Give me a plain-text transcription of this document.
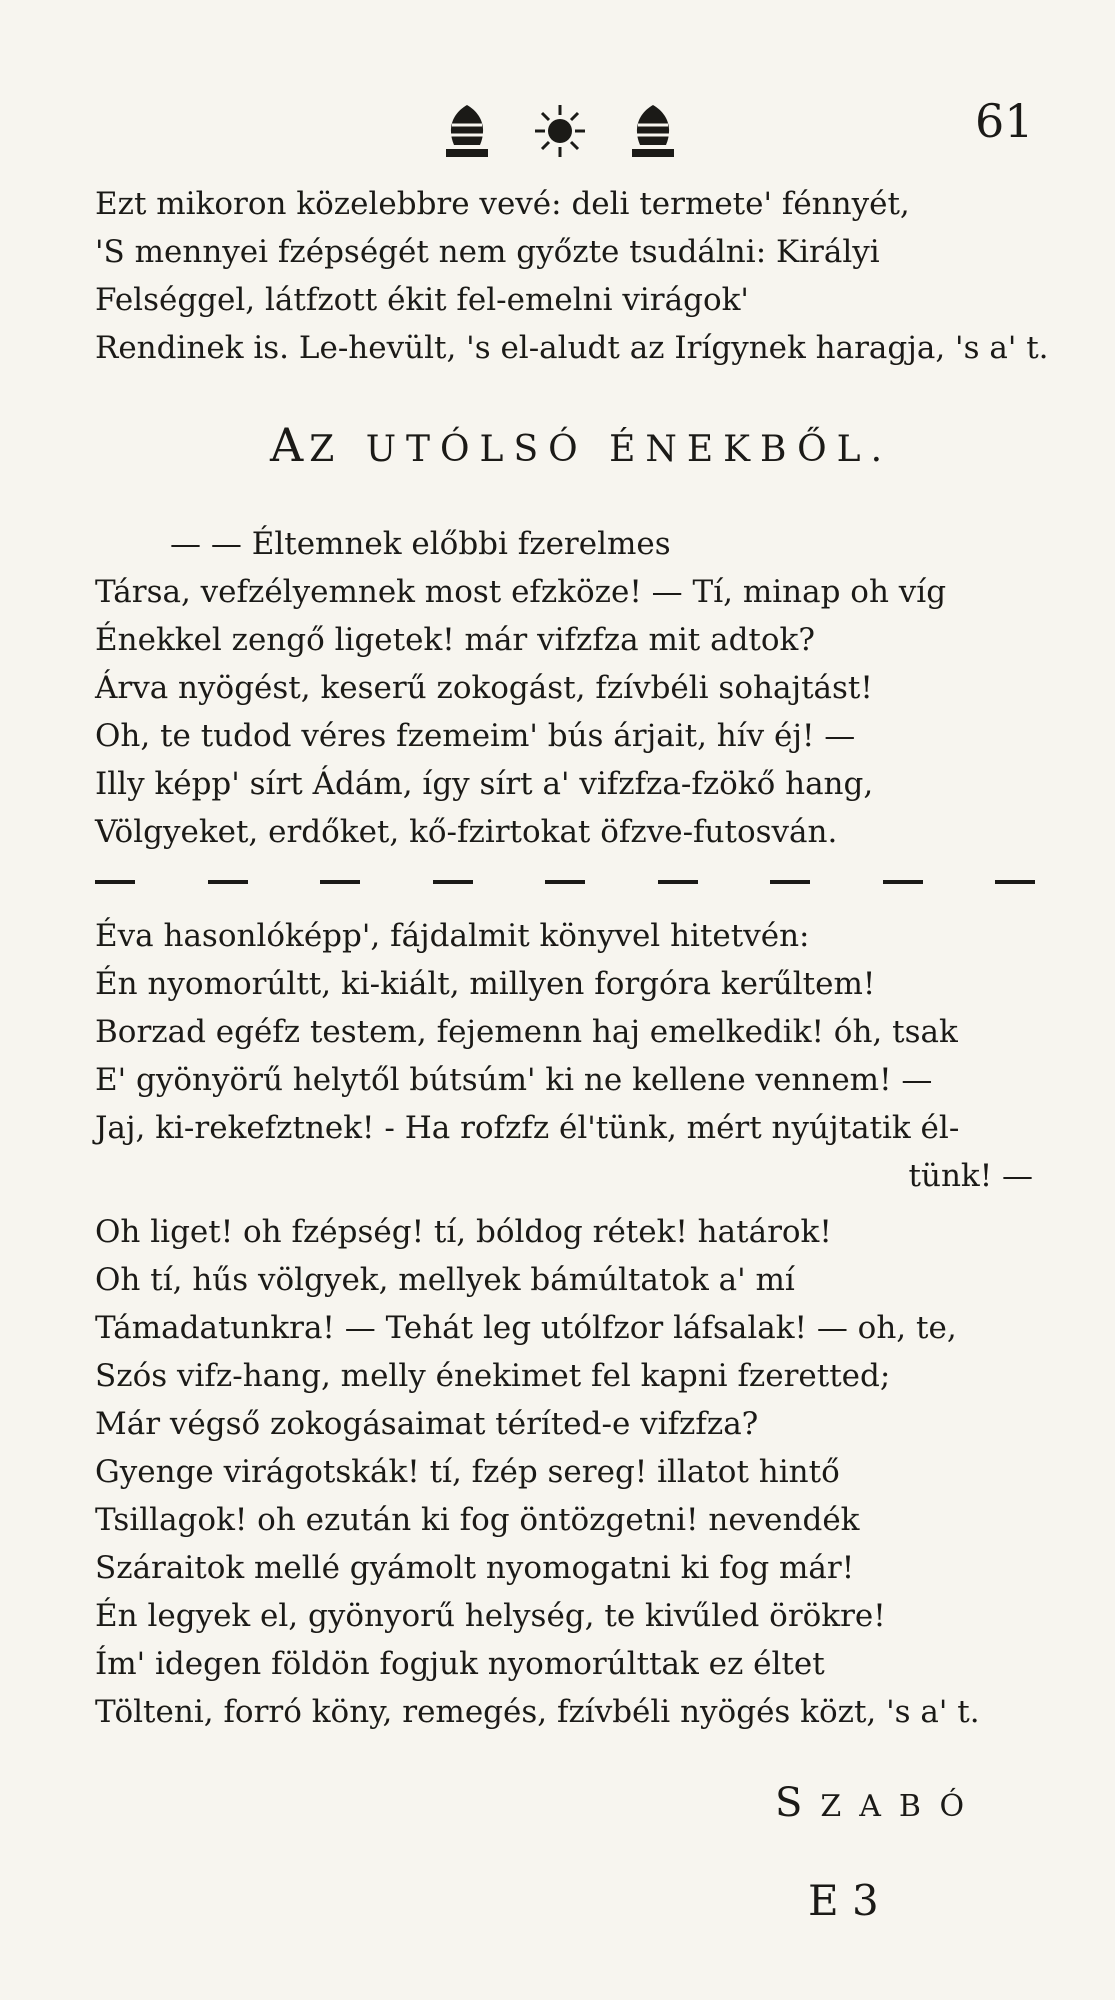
61
Ezt mikoron közelebbre vevé: deli termete' fénnyét,
'S mennyei fzépségét nem győzte tsudálni: Királyi
Felséggel, látfzott ékit fel-emelni virágok'
Rendinek is. Le-hevült, 's el-aludt az Irígynek haragja, 's a' t.
AZ UTÓLSÓ ÉNEKBŐL.
— — Éltemnek előbbi fzerelmes
Társa, vefzélyemnek most efzköze! — Tí, minap oh víg
Énekkel zengő ligetek! már vifzfza mit adtok?
Árva nyögést, keserű zokogást, fzívbéli sohajtást!
Oh, te tudod véres fzemeim' bús árjait, hív éj! —
Illy képp' sírt Ádám, így sírt a' vifzfza-fzökő hang,
Völgyeket, erdőket, kő-fzirtokat öfzve-futosván.
Éva hasonlóképp', fájdalmit könyvel hitetvén:
Én nyomorúltt, ki-kiált, millyen forgóra kerűltem!
Borzad egéfz testem, fejemenn haj emelkedik! óh, tsak
E' gyönyörű helytől bútsúm' ki ne kellene vennem! —
Jaj, ki-rekefztnek! - Ha rofzfz él'tünk, mért nyújtatik él-
tünk! —
Oh liget! oh fzépség! tí, bóldog rétek! határok!
Oh tí, hűs völgyek, mellyek bámúltatok a' mí
Támadatunkra! — Tehát leg utólfzor láfsalak! — oh, te,
Szós vifz-hang, melly énekimet fel kapni fzeretted;
Már végső zokogásaimat téríted-e vifzfza?
Gyenge virágotskák! tí, fzép sereg! illatot hintő
Tsillagok! oh ezután ki fog öntözgetni! nevendék
Száraitok mellé gyámolt nyomogatni ki fog már!
Én legyek el, gyönyorű helység, te kivűled örökre!
Ím' idegen földön fogjuk nyomorúlttak ez éltet
Tölteni, forró köny, remegés, fzívbéli nyögés közt, 's a' t.
SZABÓ
E 3
